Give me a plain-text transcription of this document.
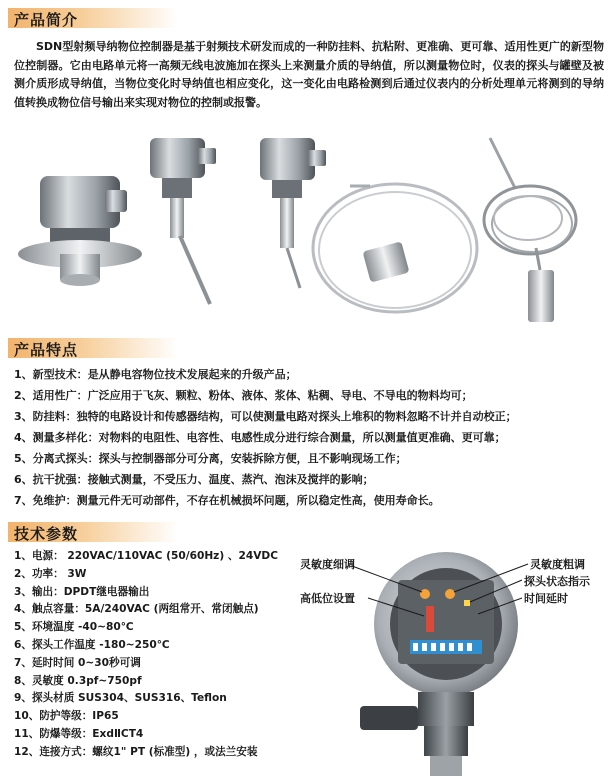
产品简介
SDN型射频导纳物位控制器是基于射频技术研发而成的一种防挂料、抗粘附、更准确、更可靠、适用性更广的新型物位控制器。它由电路单元将一高频无线电波施加在探头上来测量介质的导纳值，所以测量物位时，仪表的探头与罐壁及被测介质形成导纳值，当物位变化时导纳值也相应变化，这一变化由电路检测到后通过仪表内的分析处理单元将测到的导纳值转换成物位信号输出来实现对物位的控制或报警。
产品特点
1、新型技术：是从静电容物位技术发展起来的升级产品；
2、适用性广：广泛应用于飞灰、颗粒、粉体、液体、浆体、粘稠、导电、不导电的物料均可；
3、防挂料：独特的电路设计和传感器结构，可以使测量电路对探头上堆积的物料忽略不计并自动校正；
4、测量多样化：对物料的电阻性、电容性、电感性成分进行综合测量，所以测量值更准确、更可靠；
5、分离式探头：探头与控制器部分可分离，安装拆除方便，且不影响现场工作；
6、抗干扰强：接触式测量，不受压力、温度、蒸汽、泡沫及搅拌的影响；
7、免维护：测量元件无可动部件，不存在机械损坏问题，所以稳定性高，使用寿命长。
技术参数
1、电源： 220VAC/110VAC (50/60Hz) 、24VDC
2、功率： 3W
3、输出：DPDT继电器输出
4、触点容量：5A/240VAC (两组常开、常闭触点)
5、环境温度 -40~80℃
6、探头工作温度 -180~250℃
7、延时时间 0~30秒可调
8、灵敏度 0.3pf~750pf
9、探头材质 SUS304、SUS316、Teflon
10、防护等级：IP65
11、防爆等级：ExdⅡCT4
12、连接方式：螺纹1" PT (标准型) ，或法兰安装
灵敏度细调	灵敏度粗调
探头状态指示
高低位设置	时间延时
